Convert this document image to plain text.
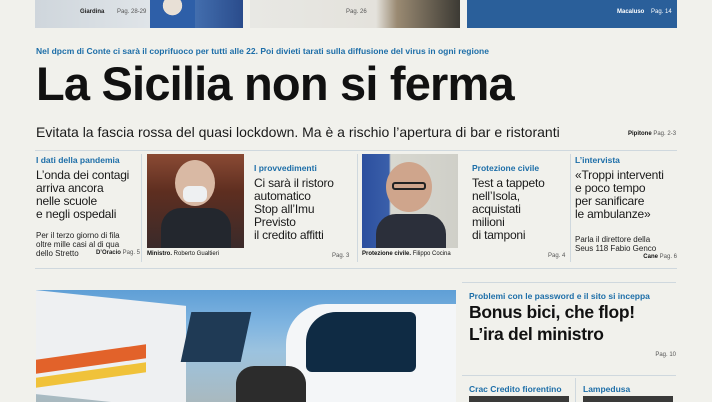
Giardina Pag. 28-29	Pag. 26	Macaluso Pag. 14
Nel dpcm di Conte ci sarà il coprifuoco per tutti alle 22. Poi divieti tarati sulla diffusione del virus in ogni regione
La Sicilia non si ferma
Evitata la fascia rossa del quasi lockdown. Ma è a rischio l’apertura di bar e ristoranti	Pipitone Pag. 2-3
I dati della pandemia
L’onda dei contagi
arriva ancora
nelle scuole
e negli ospedali
Per il terzo giorno di fila
oltre mille casi al di qua
dello Stretto	D’Oracio Pag. 5 Ministro. Roberto Gualtieri
I provvedimenti
Ci sarà il ristoro
automatico
Stop all’Imu
Previsto
il credito affitti
Pag. 3 Protezione civile. Filippo Cocina
Protezione civile
Test a tappeto
nell’Isola,
acquistati
milioni
di tamponi
Pag. 4
L’intervista
«Troppi interventi
e poco tempo
per sanificare
le ambulanze»
Parla il direttore della
Seus 118 Fabio Genco
Cane Pag. 6
Problemi con le password e il sito si inceppa
Bonus bici, che flop!
L’ira del ministro
Pag. 10
Crac Credito fiorentino	Lampedusa
